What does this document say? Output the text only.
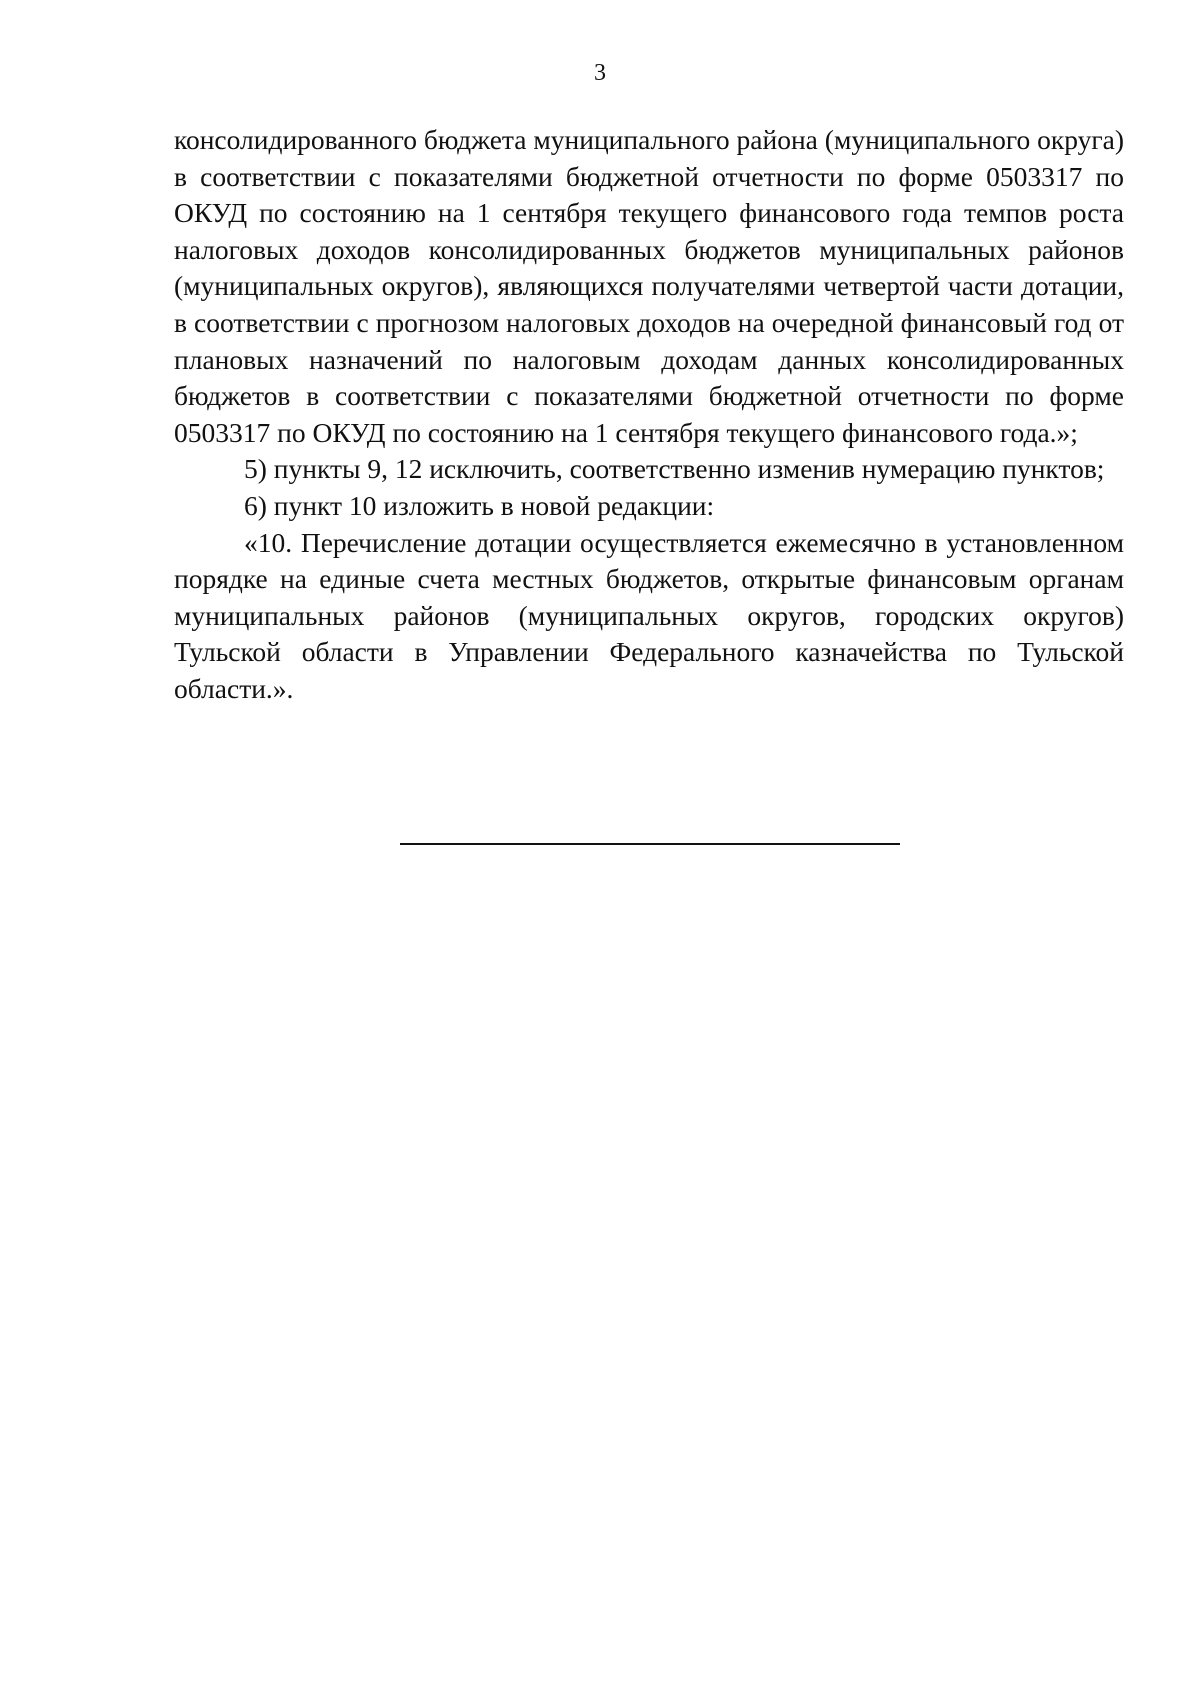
3

консолидированного бюджета муниципального района (муниципального округа) в соответствии с показателями бюджетной отчетности по форме 0503317 по ОКУД по состоянию на 1 сентября текущего финансового года темпов роста налоговых доходов консолидированных бюджетов муниципальных районов (муниципальных округов), являющихся получателями четвертой части дотации, в соответствии с прогнозом налоговых доходов на очередной финансовый год от плановых назначений по налоговым доходам данных консолидированных бюджетов в соответствии с показателями бюджетной отчетности по форме 0503317 по ОКУД по состоянию на 1 сентября текущего финансового года.»;

5) пункты 9, 12 исключить, соответственно изменив нумерацию пунктов;

6) пункт 10 изложить в новой редакции:

«10. Перечисление дотации осуществляется ежемесячно в установленном порядке на единые счета местных бюджетов, открытые финансовым органам муниципальных районов (муниципальных округов, городских округов) Тульской области в Управлении Федерального казначейства по Тульской области.».
